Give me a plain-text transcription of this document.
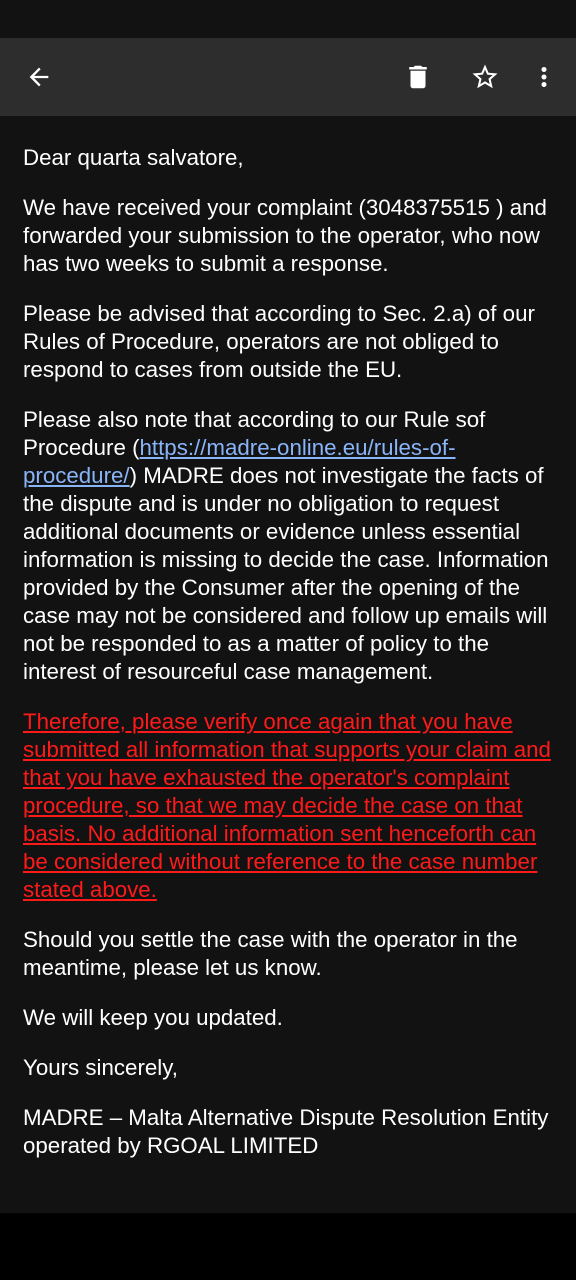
Dear quarta salvatore,

We have received your complaint (3048375515 ) and forwarded your submission to the operator, who now has two weeks to submit a response.

Please be advised that according to Sec. 2.a) of our Rules of Procedure, operators are not obliged to respond to cases from outside the EU.

Please also note that according to our Rule sof Procedure (https://madre-online.eu/rules-of-procedure/) MADRE does not investigate the facts of the dispute and is under no obligation to request additional documents or evidence unless essential information is missing to decide the case. Information provided by the Consumer after the opening of the case may not be considered and follow up emails will not be responded to as a matter of policy to the interest of resourceful case management.

Therefore, please verify once again that you have submitted all information that supports your claim and that you have exhausted the operator's complaint procedure, so that we may decide the case on that basis. No additional information sent henceforth can be considered without reference to the case number stated above.

Should you settle the case with the operator in the meantime, please let us know.

We will keep you updated.

Yours sincerely,

MADRE – Malta Alternative Dispute Resolution Entity
operated by RGOAL LIMITED
